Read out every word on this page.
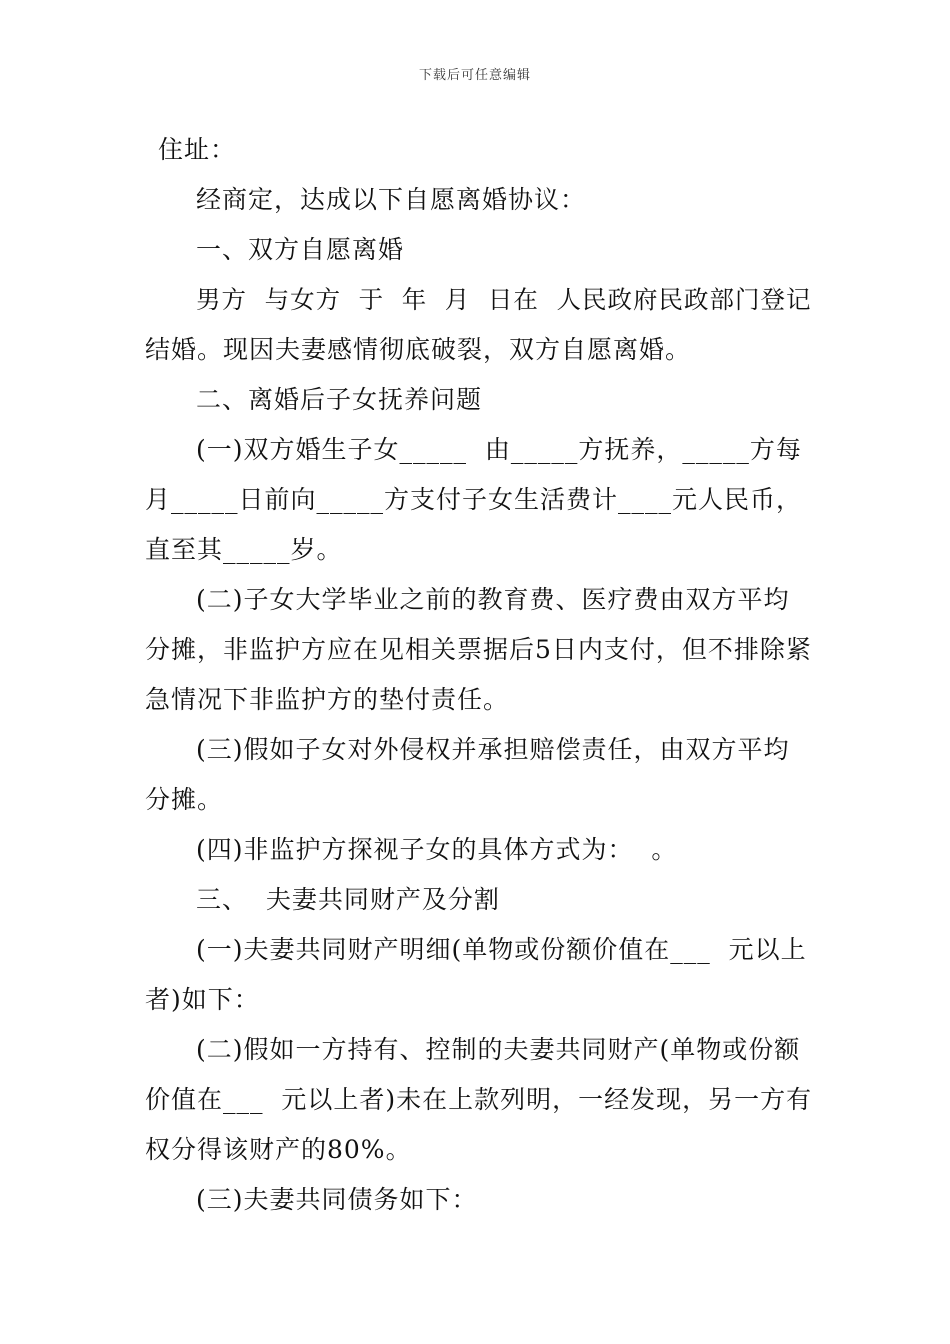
下载后可任意编辑
住址：
经商定，达成以下自愿离婚协议：
一、双方自愿离婚
男方  与女方  于  年  月  日在  人民政府民政部门登记
结婚。现因夫妻感情彻底破裂，双方自愿离婚。
二、离婚后子女抚养问题
(一)双方婚生子女_____  由_____方抚养，_____方每
月_____日前向_____方支付子女生活费计____元人民币，
直至其_____岁。
(二)子女大学毕业之前的教育费、医疗费由双方平均
分摊，非监护方应在见相关票据后5日内支付，但不排除紧
急情况下非监护方的垫付责任。
(三)假如子女对外侵权并承担赔偿责任，由双方平均
分摊。
(四)非监护方探视子女的具体方式为：  。
三、  夫妻共同财产及分割
(一)夫妻共同财产明细(单物或份额价值在___  元以上
者)如下：
(二)假如一方持有、控制的夫妻共同财产(单物或份额
价值在___  元以上者)未在上款列明，一经发现，另一方有
权分得该财产的80%。
(三)夫妻共同债务如下：
